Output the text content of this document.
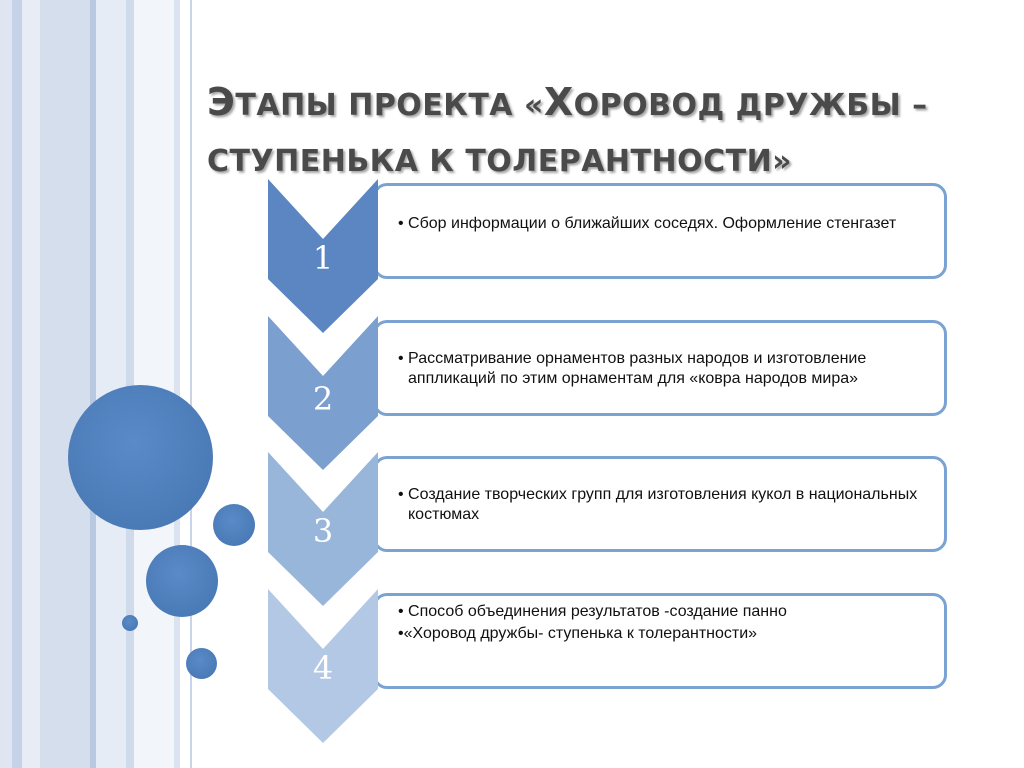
ЭТАПЫ ПРОЕКТА «ХОРОВОД ДРУЖБЫ –
СТУПЕНЬКА К ТОЛЕРАНТНОСТИ»
• Сбор информации о ближайших соседях. Оформление стенгазет
1
• Рассматривание орнаментов разных народов и изготовление аппликаций по этим орнаментам для «ковра народов мира»
2
• Создание творческих групп для изготовления кукол в национальных костюмах
3
• Способ объединения результатов -создание панно
•«Хоровод дружбы- ступенька к толерантности»
4
